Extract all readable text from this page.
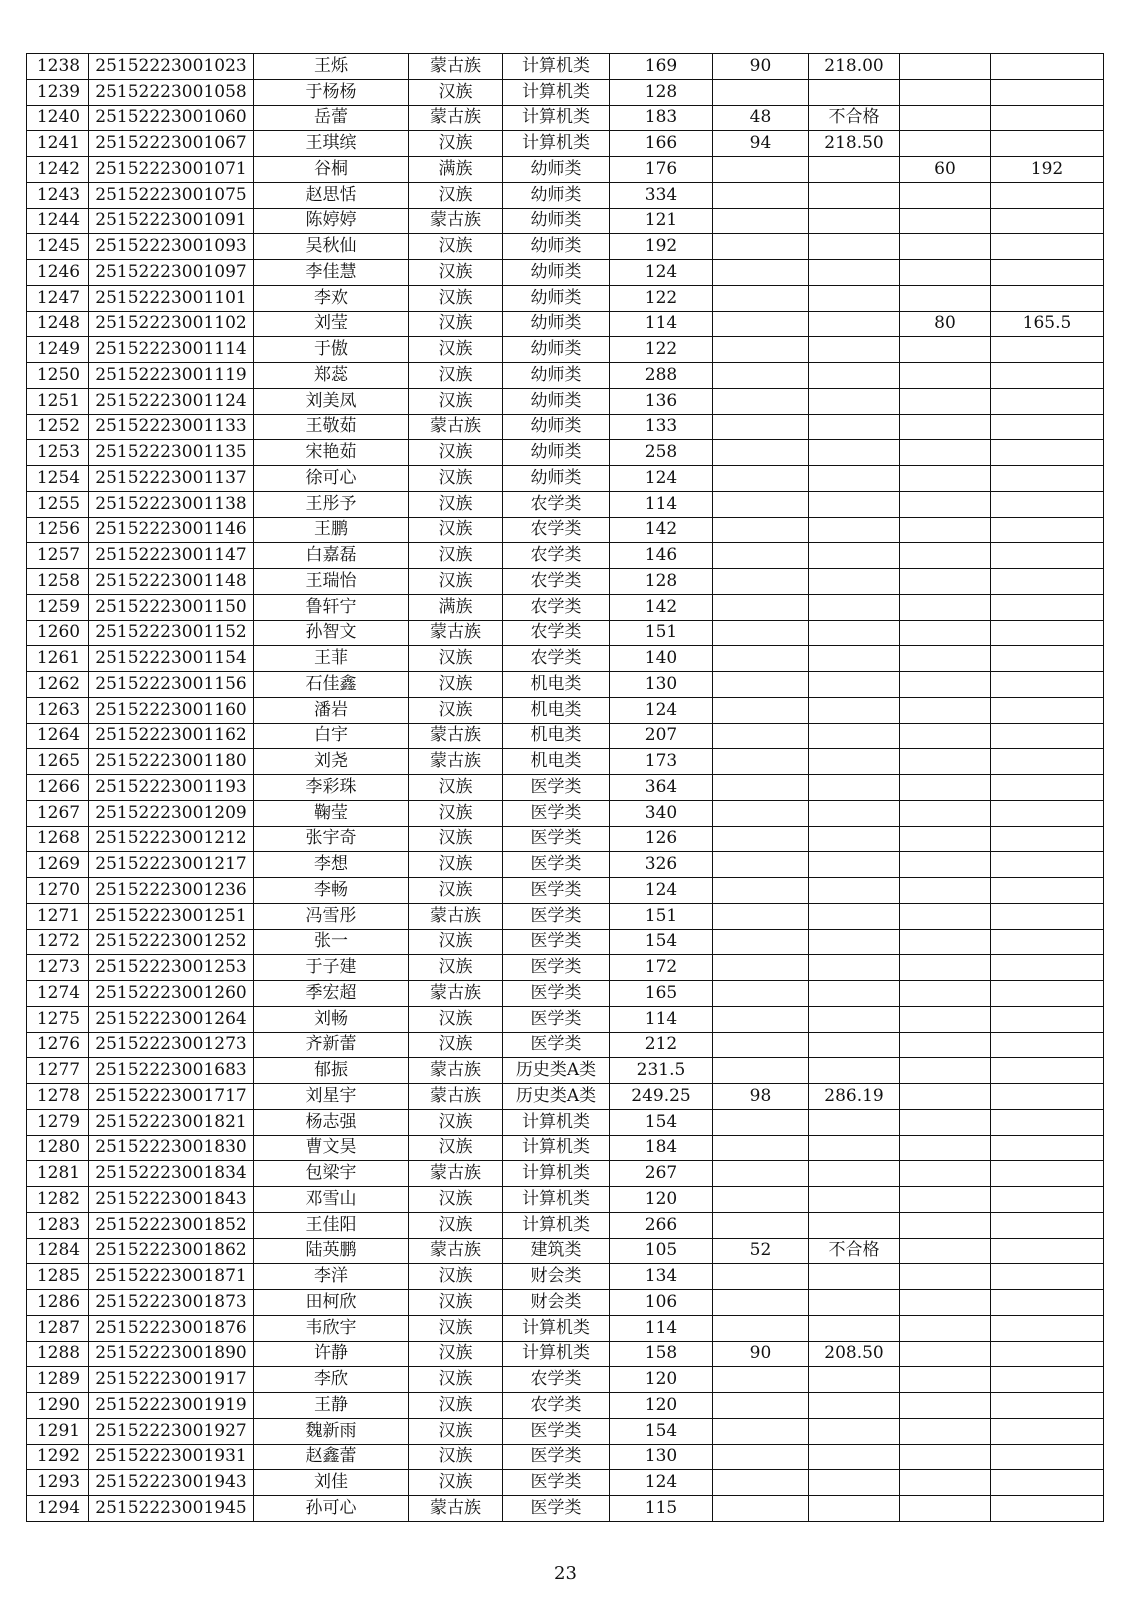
1238	25152223001023	王烁	蒙古族	计算机类	169	90	218.00		
1239	25152223001058	于杨杨	汉族	计算机类	128				
1240	25152223001060	岳蕾	蒙古族	计算机类	183	48	不合格		
1241	25152223001067	王琪缤	汉族	计算机类	166	94	218.50		
1242	25152223001071	谷桐	满族	幼师类	176			60	192
1243	25152223001075	赵思恬	汉族	幼师类	334				
1244	25152223001091	陈婷婷	蒙古族	幼师类	121				
1245	25152223001093	吴秋仙	汉族	幼师类	192				
1246	25152223001097	李佳慧	汉族	幼师类	124				
1247	25152223001101	李欢	汉族	幼师类	122				
1248	25152223001102	刘莹	汉族	幼师类	114			80	165.5
1249	25152223001114	于傲	汉族	幼师类	122				
1250	25152223001119	郑蕊	汉族	幼师类	288				
1251	25152223001124	刘美凤	汉族	幼师类	136				
1252	25152223001133	王敬茹	蒙古族	幼师类	133				
1253	25152223001135	宋艳茹	汉族	幼师类	258				
1254	25152223001137	徐可心	汉族	幼师类	124				
1255	25152223001138	王彤予	汉族	农学类	114				
1256	25152223001146	王鹏	汉族	农学类	142				
1257	25152223001147	白嘉磊	汉族	农学类	146				
1258	25152223001148	王瑞怡	汉族	农学类	128				
1259	25152223001150	鲁轩宁	满族	农学类	142				
1260	25152223001152	孙智文	蒙古族	农学类	151				
1261	25152223001154	王菲	汉族	农学类	140				
1262	25152223001156	石佳鑫	汉族	机电类	130				
1263	25152223001160	潘岩	汉族	机电类	124				
1264	25152223001162	白宇	蒙古族	机电类	207				
1265	25152223001180	刘尧	蒙古族	机电类	173				
1266	25152223001193	李彩珠	汉族	医学类	364				
1267	25152223001209	鞠莹	汉族	医学类	340				
1268	25152223001212	张宇奇	汉族	医学类	126				
1269	25152223001217	李想	汉族	医学类	326				
1270	25152223001236	李畅	汉族	医学类	124				
1271	25152223001251	冯雪彤	蒙古族	医学类	151				
1272	25152223001252	张一	汉族	医学类	154				
1273	25152223001253	于子建	汉族	医学类	172				
1274	25152223001260	季宏超	蒙古族	医学类	165				
1275	25152223001264	刘畅	汉族	医学类	114				
1276	25152223001273	齐新蕾	汉族	医学类	212				
1277	25152223001683	郁振	蒙古族	历史类A类	231.5				
1278	25152223001717	刘星宇	蒙古族	历史类A类	249.25	98	286.19		
1279	25152223001821	杨志强	汉族	计算机类	154				
1280	25152223001830	曹文昊	汉族	计算机类	184				
1281	25152223001834	包梁宇	蒙古族	计算机类	267				
1282	25152223001843	邓雪山	汉族	计算机类	120				
1283	25152223001852	王佳阳	汉族	计算机类	266				
1284	25152223001862	陆英鹏	蒙古族	建筑类	105	52	不合格		
1285	25152223001871	李洋	汉族	财会类	134				
1286	25152223001873	田柯欣	汉族	财会类	106				
1287	25152223001876	韦欣宇	汉族	计算机类	114				
1288	25152223001890	许静	汉族	计算机类	158	90	208.50		
1289	25152223001917	李欣	汉族	农学类	120				
1290	25152223001919	王静	汉族	农学类	120				
1291	25152223001927	魏新雨	汉族	医学类	154				
1292	25152223001931	赵鑫蕾	汉族	医学类	130				
1293	25152223001943	刘佳	汉族	医学类	124				
1294	25152223001945	孙可心	蒙古族	医学类	115				
23
